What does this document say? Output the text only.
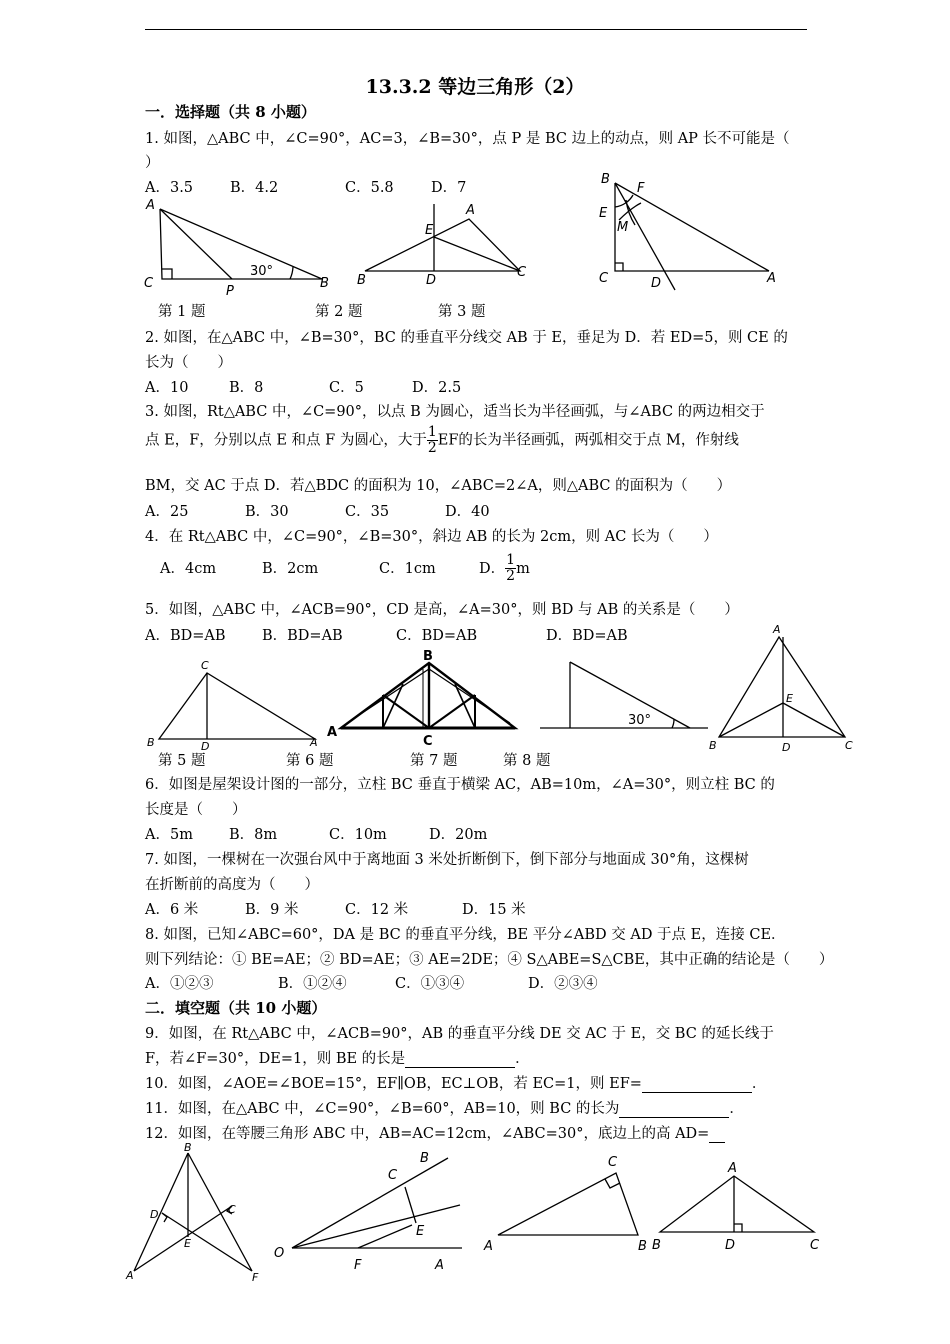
13.3.2 等边三角形（2）
一．选择题（共 8 小题）
1. 如图，△ABC 中，∠C=90°，AC=3，∠B=30°，点 P 是 BC 边上的动点，则 AP 长不可能是（
）
A．3.5	B．4.2	C．5.8	D．7
A
C
P
B
30°
第 1 题
E
A
B	D
C
第 2 题	第 3 题
B
F
E
M
C	D	A
2. 如图，在△ABC 中，∠B=30°，BC 的垂直平分线交 AB 于 E，垂足为 D．若 ED=5，则 CE 的
长为（　　）
A．10	B．8	C．5	D．2.5
3. 如图，Rt△ABC 中，∠C=90°，以点 B 为圆心，适当长为半径画弧，与∠ABC 的两边相交于
点 E，F，分别以点 E 和点 F 为圆心，大于 $\frac{1}{2}$ EF的长为半径画弧，两弧相交于点 M，作射线
BM，交 AC 于点 D．若△BDC 的面积为 10，∠ABC=2∠A，则△ABC 的面积为（　　）
A．25	B．30	C．35	D．40
4．在 Rt△ABC 中，∠C=90°，∠B=30°，斜边 AB 的长为 2cm，则 AC 长为（　　）
A．4cm	B．2cm	C．1cm	D． $\frac{1}{2}$ m
5．如图，△ABC 中，∠ACB=90°，CD 是高，∠A=30°，则 BD 与 AB 的关系是（　　）
A．BD=AB	B．BD=AB	C．BD=AB	D．BD=AB
C
B	D	A
第 5 题
B
A
C
第 6 题
30°
第 7 题	第 8 题
A
E
B	D	C
6．如图是屋架设计图的一部分，立柱 BC 垂直于横梁 AC，AB=10m，∠A=30°，则立柱 BC 的
长度是（　　）
A．5m B．8m	C．10m	D．20m
7. 如图，一棵树在一次强台风中于离地面 3 米处折断倒下，倒下部分与地面成 30°角，这棵树
在折断前的高度为（　　）
A．6 米	B．9 米	C．12 米	D．15 米
8. 如图，已知∠ABC=60°，DA 是 BC 的垂直平分线，BE 平分∠ABD 交 AD 于点 E，连接 CE．
则下列结论：① BE=AE；② BD=AE；③ AE=2DE；④ S△ABE=S△CBE，其中正确的结论是（　　）
A．①②③	B．①②④	C．①③④	D．②③④
二．填空题（共 10 小题）
9．如图，在 Rt△ABC 中，∠ACB=90°，AB 的垂直平分线 DE 交 AC 于 E，交 BC 的延长线于
F，若∠F=30°，DE=1，则 BE 的长是	．
10．如图，∠AOE=∠BOE=15°，EF∥OB，EC⊥OB，若 EC=1，则 EF=	．
11．如图，在△ABC 中，∠C=90°，∠B=60°，AB=10，则 BC 的长为	．
12．如图，在等腰三角形 ABC 中，AB=AC=12cm，∠ABC=30°，底边上的高 AD=
B
D	C
E
A	F
C
B
E
O
F	A
C
A	B
A
B	D	C
